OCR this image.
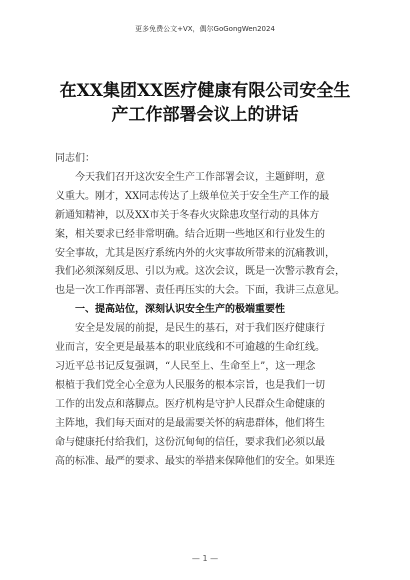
更多免费公文+VX，偶尔GoGongWen2024
在XX集团XX医疗健康有限公司安全生
产工作部署会议上的讲话

同志们：

今天我们召开这次安全生产工作部署会议，主题鲜明，意

义重大。刚才，XX同志传达了上级单位关于安全生产工作的最

新通知精神，以及XX市关于冬春火灾除患攻坚行动的具体方

案，相关要求已经非常明确。结合近期一些地区和行业发生的

安全事故，尤其是医疗系统内外的火灾事故所带来的沉痛教训，

我们必须深刻反思、引以为戒。这次会议，既是一次警示教育会，

也是一次工作再部署、责任再压实的大会。下面，我讲三点意见。

一、提高站位，深刻认识安全生产的极端重要性

安全是发展的前提，是民生的基石，对于我们医疗健康行

业而言，安全更是最基本的职业底线和不可逾越的生命红线。

习近平总书记反复强调，“人民至上、生命至上”，这一理念

根植于我们党全心全意为人民服务的根本宗旨，也是我们一切

工作的出发点和落脚点。医疗机构是守护人民群众生命健康的

主阵地，我们每天面对的是最需要关怀的病患群体，他们将生

命与健康托付给我们，这份沉甸甸的信任，要求我们必须以最

高的标准、最严的要求、最实的举措来保障他们的安全。如果连

— 1 —
